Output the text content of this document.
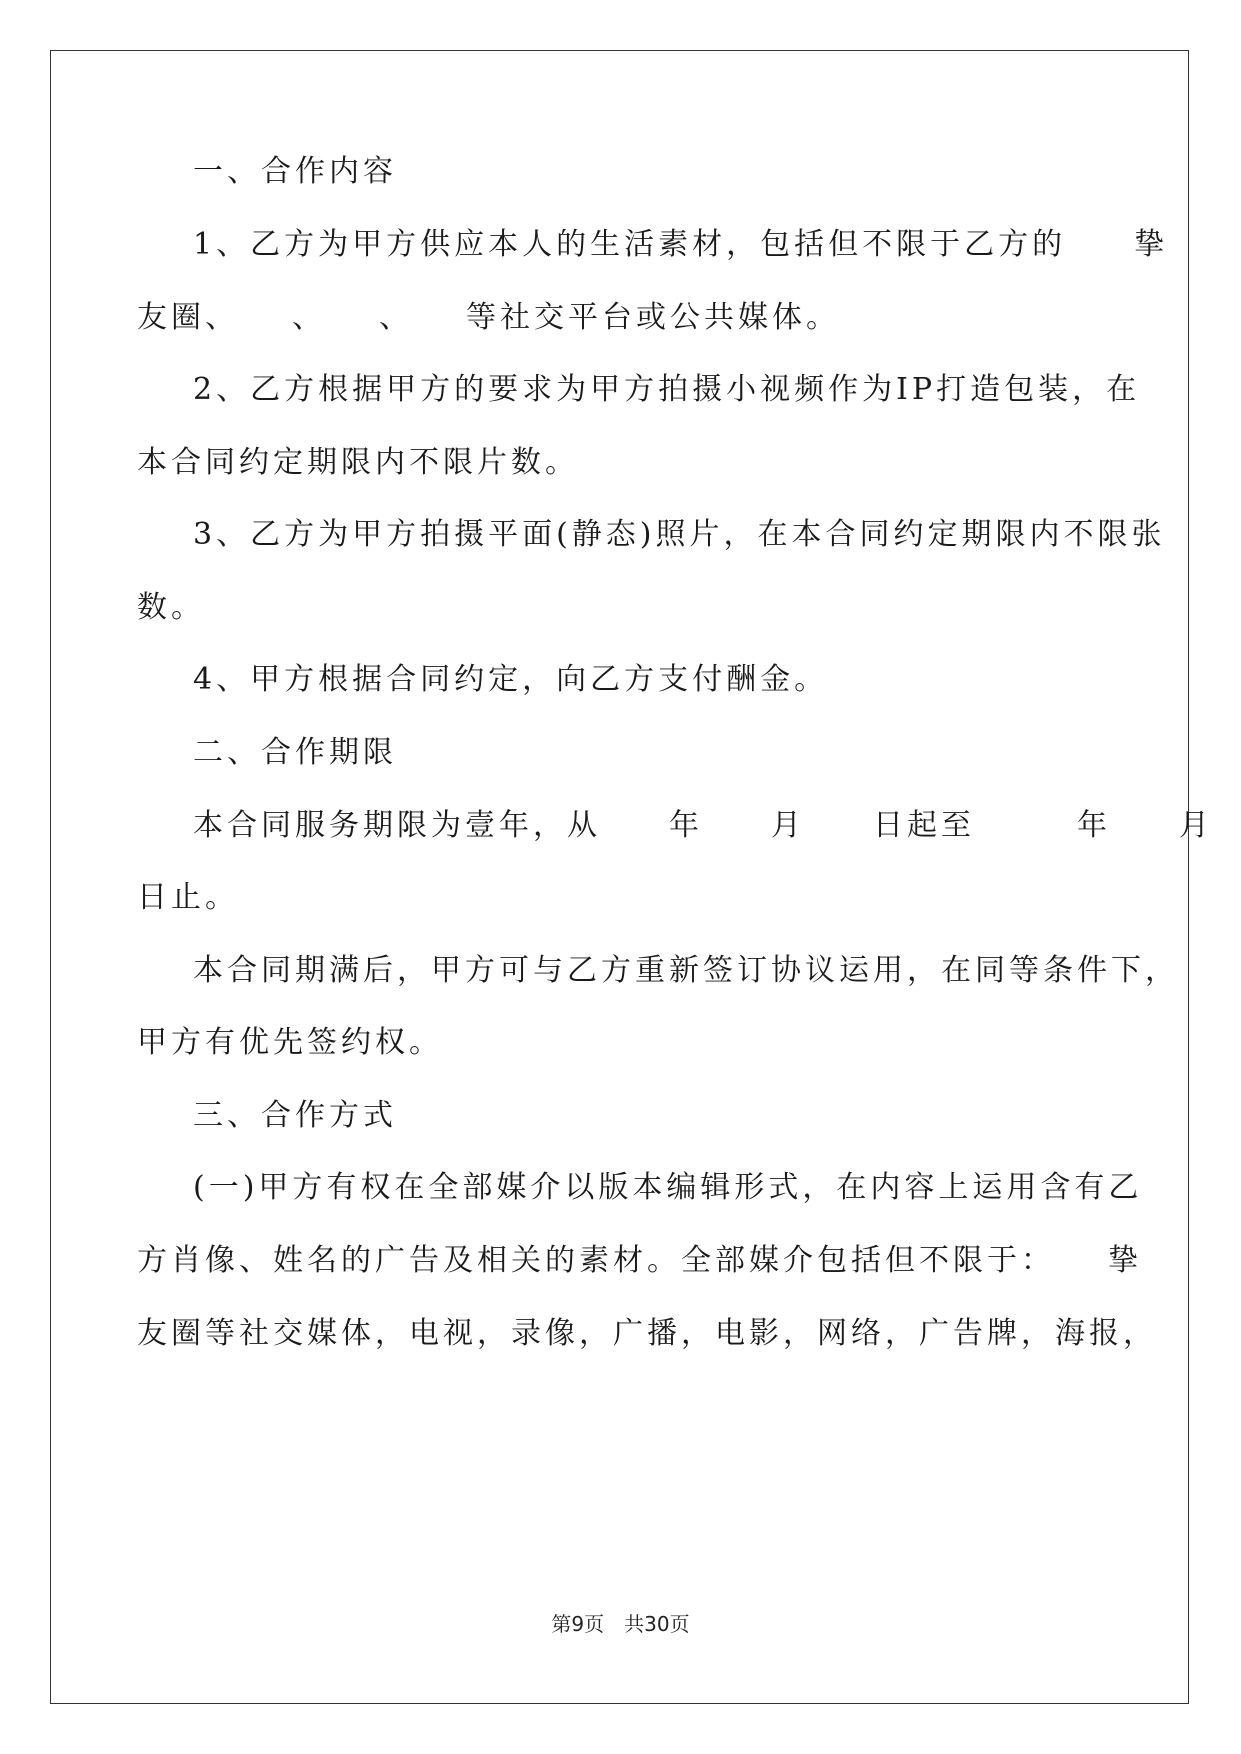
一、合作内容
1、乙方为甲方供应本人的生活素材，包括但不限于乙方的　　挚
友圈、　　、　　、　　等社交平台或公共媒体。
2、乙方根据甲方的要求为甲方拍摄小视频作为IP打造包装，在
本合同约定期限内不限片数。
3、乙方为甲方拍摄平面(静态)照片，在本合同约定期限内不限张
数。
4、甲方根据合同约定，向乙方支付酬金。
二、合作期限
本合同服务期限为壹年，从　　年　　月　　日起至　　　年　　月
日止。
本合同期满后，甲方可与乙方重新签订协议运用，在同等条件下，
甲方有优先签约权。
三、合作方式
(一)甲方有权在全部媒介以版本编辑形式，在内容上运用含有乙
方肖像、姓名的广告及相关的素材。全部媒介包括但不限于：　　挚
友圈等社交媒体，电视，录像，广播，电影，网络，广告牌，海报，
第9页 共30页
